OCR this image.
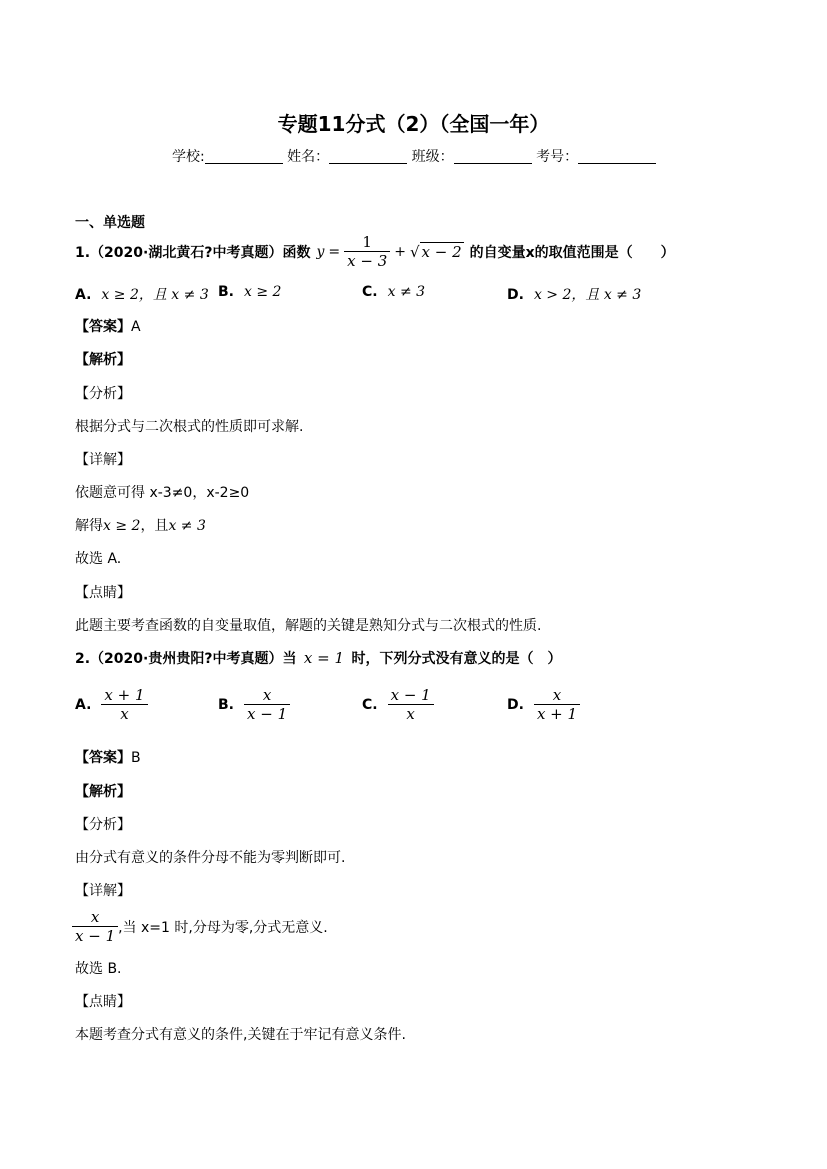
专题11分式（2）（全国一年）
学校:	姓名：	班级：	考号：
一、单选题
1.（2020·湖北黄石?中考真题）函数 $y = \frac{1}{x - 3}$ + √ x − 2 的自变量x的取值范围是（　　）
A. x ≥ 2，且 x ≠ 3 B. x ≥ 2	C. x ≠ 3	D. x > 2，且 x ≠ 3
【答案】A
【解析】
【分析】
根据分式与二次根式的性质即可求解.
【详解】
依题意可得 x-3≠0，x-2≥0
解得x ≥ 2，且x ≠ 3
故选 A.
【点睛】
此题主要考查函数的自变量取值，解题的关键是熟知分式与二次根式的性质.
2.（2020·贵州贵阳?中考真题）当 x = 1 时，下列分式没有意义的是（　）
A. $\frac{x + 1}{x}$	B. $\frac{x}{x - 1}$	C. $\frac{x - 1}{x}$	D. $\frac{x}{x + 1}$
【答案】B
【解析】
【分析】
由分式有意义的条件分母不能为零判断即可.
【详解】
$\frac{x}{x - 1}$ ,当 x=1 时,分母为零,分式无意义.
故选 B.
【点睛】
本题考查分式有意义的条件,关键在于牢记有意义条件.
